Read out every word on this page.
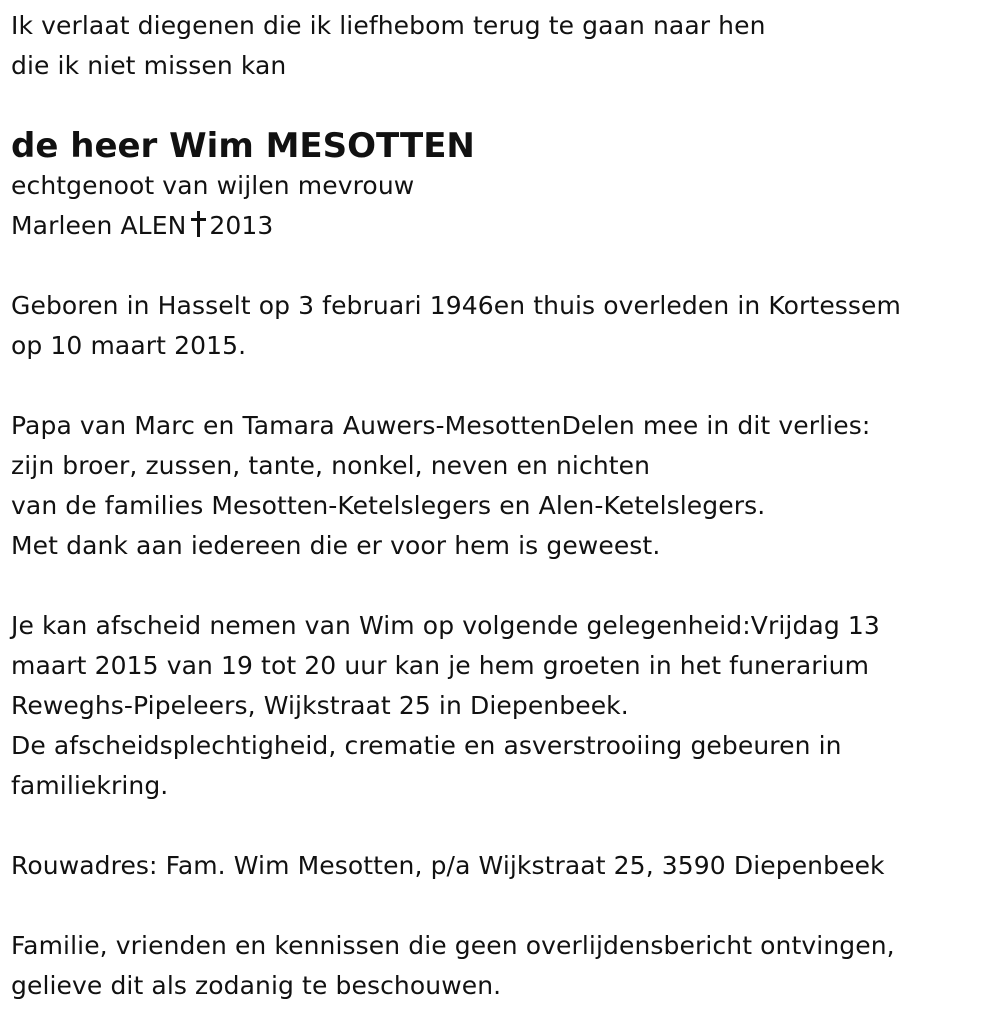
Ik verlaat diegenen die ik liefhebom terug te gaan naar hen
die ik niet missen kan
de heer Wim MESOTTEN
echtgenoot van wijlen mevrouw
Marleen ALEN 2013
Geboren in Hasselt op 3 februari 1946en thuis overleden in Kortessem
op 10 maart 2015.
Papa van Marc en Tamara Auwers-MesottenDelen mee in dit verlies:
zijn broer, zussen, tante, nonkel, neven en nichten
van de families Mesotten-Ketelslegers en Alen-Ketelslegers.
Met dank aan iedereen die er voor hem is geweest.
Je kan afscheid nemen van Wim op volgende gelegenheid:Vrijdag 13
maart 2015 van 19 tot 20 uur kan je hem groeten in het funerarium
Reweghs-Pipeleers, Wijkstraat 25 in Diepenbeek.
De afscheidsplechtigheid, crematie en asverstrooiing gebeuren in
familiekring.
Rouwadres: Fam. Wim Mesotten, p/a Wijkstraat 25, 3590 Diepenbeek
Familie, vrienden en kennissen die geen overlijdensbericht ontvingen,
gelieve dit als zodanig te beschouwen.
